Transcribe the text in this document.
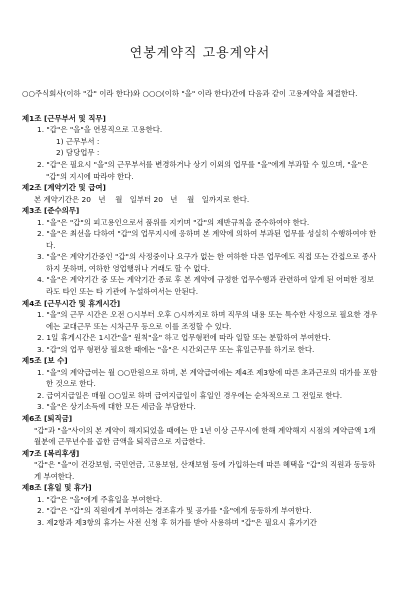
연봉계약직 고용계약서

○○주식회사(이하 "갑" 이라 한다)와 ○○○(이하 "을" 이라 한다)간에 다음과 같이 고용계약을 체결한다.

제1조 [근무부서 및 직무]

1. "갑"은 "을"을 연봉직으로 고용한다.

1) 근무부서 :

2) 담당업무 :

2. "갑"은 필요시 "을"의 근무부서를 변경하거나 상기 이외의 업무를 "을"에게 부과할 수 있으며, "을"은 "갑"의 지시에 따라야 한다.

제2조 [계약기간 및 급여]

본 계약기간은 20　년　 월　일부터 20　년　 월　일까지로 한다.

제3조 [준수의무]

1. "을"은 "갑"의 피고용인으로서 품위를 지키며 "갑"의 제반규칙을 준수하여야 한다.

2. "을"은 최선을 다하여 "갑"의 업무지시에 응하며 본 계약에 의하여 부과된 업무를 성실히 수행하여야 한다.

3. "을"은 계약기간중인 "갑"의 사정중이나 요구가 없는 한 여하한 다른 업무에도 직접 또는 간접으로 종사하지 못하며, 여하한 영업행위나 거래도 할 수 없다.

4. "을"은 계약기간 중 또는 계약기간 종료 후 본 계약에 규정한 업무수행과 관련하여 알게 된 어떠한 정보라도 타인 또는 타 기관에 누설하여서는 안된다.

제4조 [근무시간 및 휴게시간]

1. "을"의 근무 시간은 오전 ○시부터 오후 ○시까지로 하며 직무의 내용 또는 특수한 사정으로 필요한 경우에는 교대근무 또는 시차근무 등으로 이를 조정할 수 있다.

2. 1일 휴게시간은 1시간"을" 원칙"을" 하고 업무형편에 따라 일할 또는 분할하여 부여한다.

3. "갑"의 업무 형편상 필요한 때에는 "을"은 시간외근무 또는 휴일근무를 하기로 한다.

제5조 [보 수]

1. "을"의 계약급여는 월 ○○만원으로 하며, 본 계약급여에는 제4조 제3항에 따른 초과근로의 대가를 포함한 것으로 한다.

2. 급여지급일은 매월 ○○일로 하며 급여지급일이 휴일인 경우에는 순차적으로 그 전일로 한다.

3. "을"은 상기소득에 대한 모든 세금을 부담한다.

제6조 [퇴직금]

"갑"과 "을"사이의 본 계약이 해지되었을 때에는 만 1년 이상 근무시에 한해 계약해지 시점의 계약금액 1개월분에 근무년수를 곱한 금액을 퇴직금으로 지급한다.

제7조 [복리후생]

"갑"은 "을"이 건강보험, 국민연금, 고용보험, 산재보험 등에 가입하는데 따른 혜택을 "갑"의 직원과 동등하게 부여한다.

제8조 [휴일 및 휴가]

1. "갑"은 "을"에게 주휴일을 부여한다.

2. "갑"은 "갑"의 직원에게 부여하는 경조휴가 및 공가를 "을"에게 동등하게 부여한다.

3. 제2항과 제3항의 휴가는 사전 신청 후 허가를 받아 사용하며 "갑"은 필요시 휴가기간
